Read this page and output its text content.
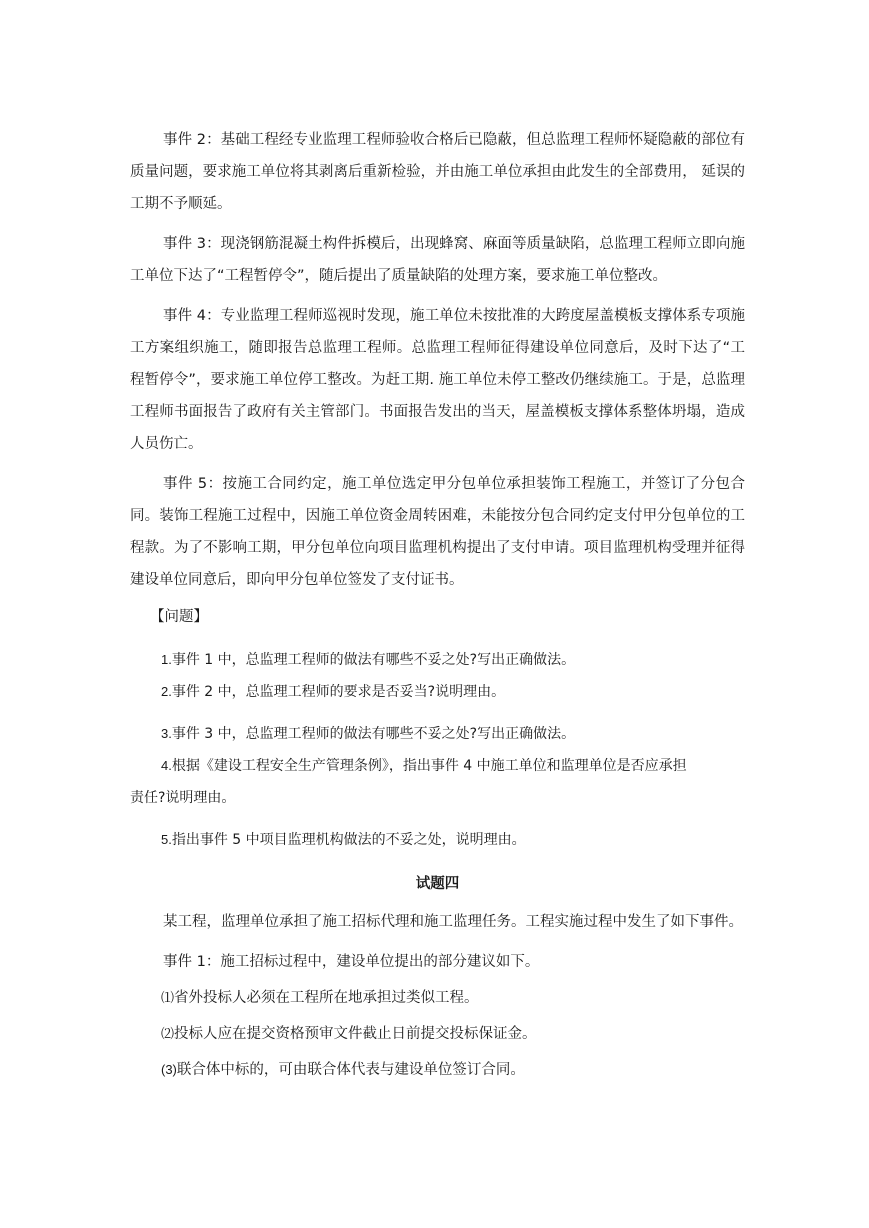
事件 2：基础工程经专业监理工程师验收合格后已隐蔽，但总监理工程师怀疑隐蔽的部位有质量问题，要求施工单位将其剥离后重新检验，并由施工单位承担由此发生的全部费用， 延误的工期不予顺延。

事件 3：现浇钢筋混凝土构件拆模后，出现蜂窝、麻面等质量缺陷，总监理工程师立即向施工单位下达了“工程暂停令”，随后提出了质量缺陷的处理方案，要求施工单位整改。

事件 4：专业监理工程师巡视时发现，施工单位未按批准的大跨度屋盖模板支撑体系专项施工方案组织施工，随即报告总监理工程师。总监理工程师征得建设单位同意后，及时下达了“工程暂停令”，要求施工单位停工整改。为赶工期. 施工单位未停工整改仍继续施工。于是，总监理工程师书面报告了政府有关主管部门。书面报告发出的当天，屋盖模板支撑体系整体坍塌，造成人员伤亡。

事件 5：按施工合同约定，施工单位选定甲分包单位承担装饰工程施工，并签订了分包合同。装饰工程施工过程中，因施工单位资金周转困难，未能按分包合同约定支付甲分包单位的工程款。为了不影响工期，甲分包单位向项目监理机构提出了支付申请。项目监理机构受理并征得建设单位同意后，即向甲分包单位签发了支付证书。

【问题】

1.事件 1 中，总监理工程师的做法有哪些不妥之处?写出正确做法。

2.事件 2 中，总监理工程师的要求是否妥当?说明理由。

3.事件 3 中，总监理工程师的做法有哪些不妥之处?写出正确做法。

4.根据《建设工程安全生产管理条例》，指出事件 4 中施工单位和监理单位是否应承担
责任?说明理由。

5.指出事件 5 中项目监理机构做法的不妥之处，说明理由。

试题四

某工程，监理单位承担了施工招标代理和施工监理任务。工程实施过程中发生了如下事件。

事件 1：施工招标过程中，建设单位提出的部分建议如下。

⑴省外投标人必须在工程所在地承担过类似工程。

⑵投标人应在提交资格预审文件截止日前提交投标保证金。

(3)联合体中标的，可由联合体代表与建设单位签订合同。
